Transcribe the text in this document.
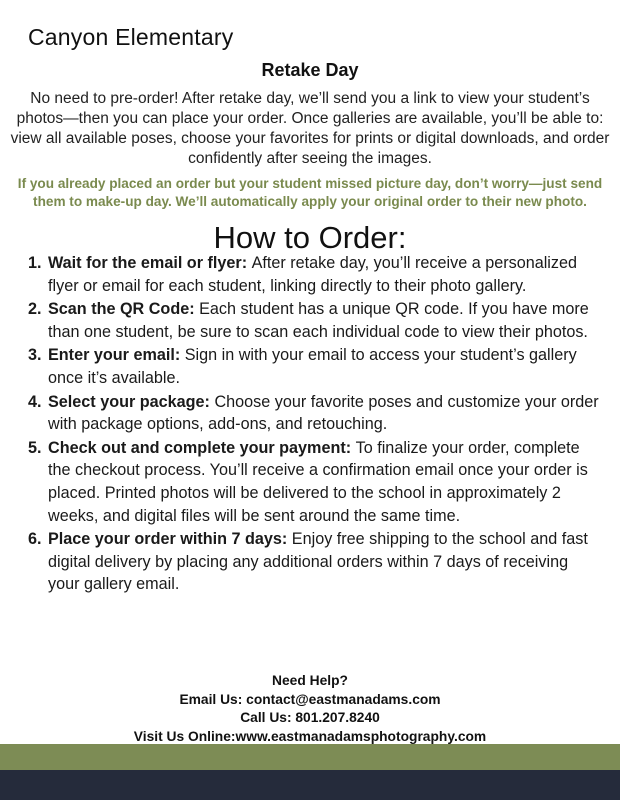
Canyon Elementary
Retake Day
No need to pre-order! After retake day, we’ll send you a link to view your student’s photos—then you can place your order. Once galleries are available, you’ll be able to: view all available poses, choose your favorites for prints or digital downloads, and order confidently after seeing the images.
If you already placed an order but your student missed picture day, don’t worry—just send them to make-up day. We’ll automatically apply your original order to their new photo.
How to Order:
1. Wait for the email or flyer: After retake day, you’ll receive a personalized flyer or email for each student, linking directly to their photo gallery.
2. Scan the QR Code: Each student has a unique QR code. If you have more than one student, be sure to scan each individual code to view their photos.
3. Enter your email: Sign in with your email to access your student’s gallery once it’s available.
4. Select your package: Choose your favorite poses and customize your order with package options, add-ons, and retouching.
5. Check out and complete your payment: To finalize your order, complete the checkout process. You’ll receive a confirmation email once your order is placed. Printed photos will be delivered to the school in approximately 2 weeks, and digital files will be sent around the same time.
6. Place your order within 7 days: Enjoy free shipping to the school and fast digital delivery by placing any additional orders within 7 days of receiving your gallery email.
Need Help?
Email Us: contact@eastmanadams.com
Call Us: 801.207.8240
Visit Us Online:www.eastmanadamsphotography.com
